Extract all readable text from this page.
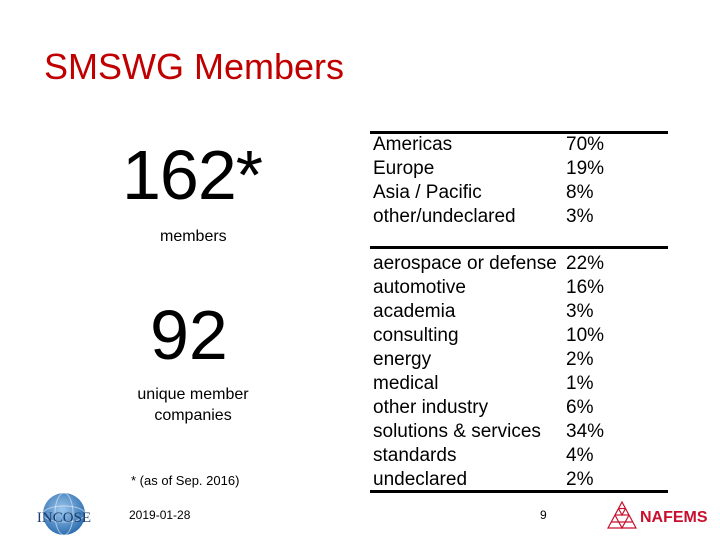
SMSWG Members
162*
members
92
unique member companies
* (as of Sep. 2016)
Americas	70%
Europe	19%
Asia / Pacific	8%
other/undeclared	3%
aerospace or defense 22%
automotive	16%
academia	3%
consulting	10%
energy	2%
medical	1%
other industry	6%
solutions & services 34%
standards	4%
undeclared	2%
2019-01-28	9
INCOSE	NAFEMS
